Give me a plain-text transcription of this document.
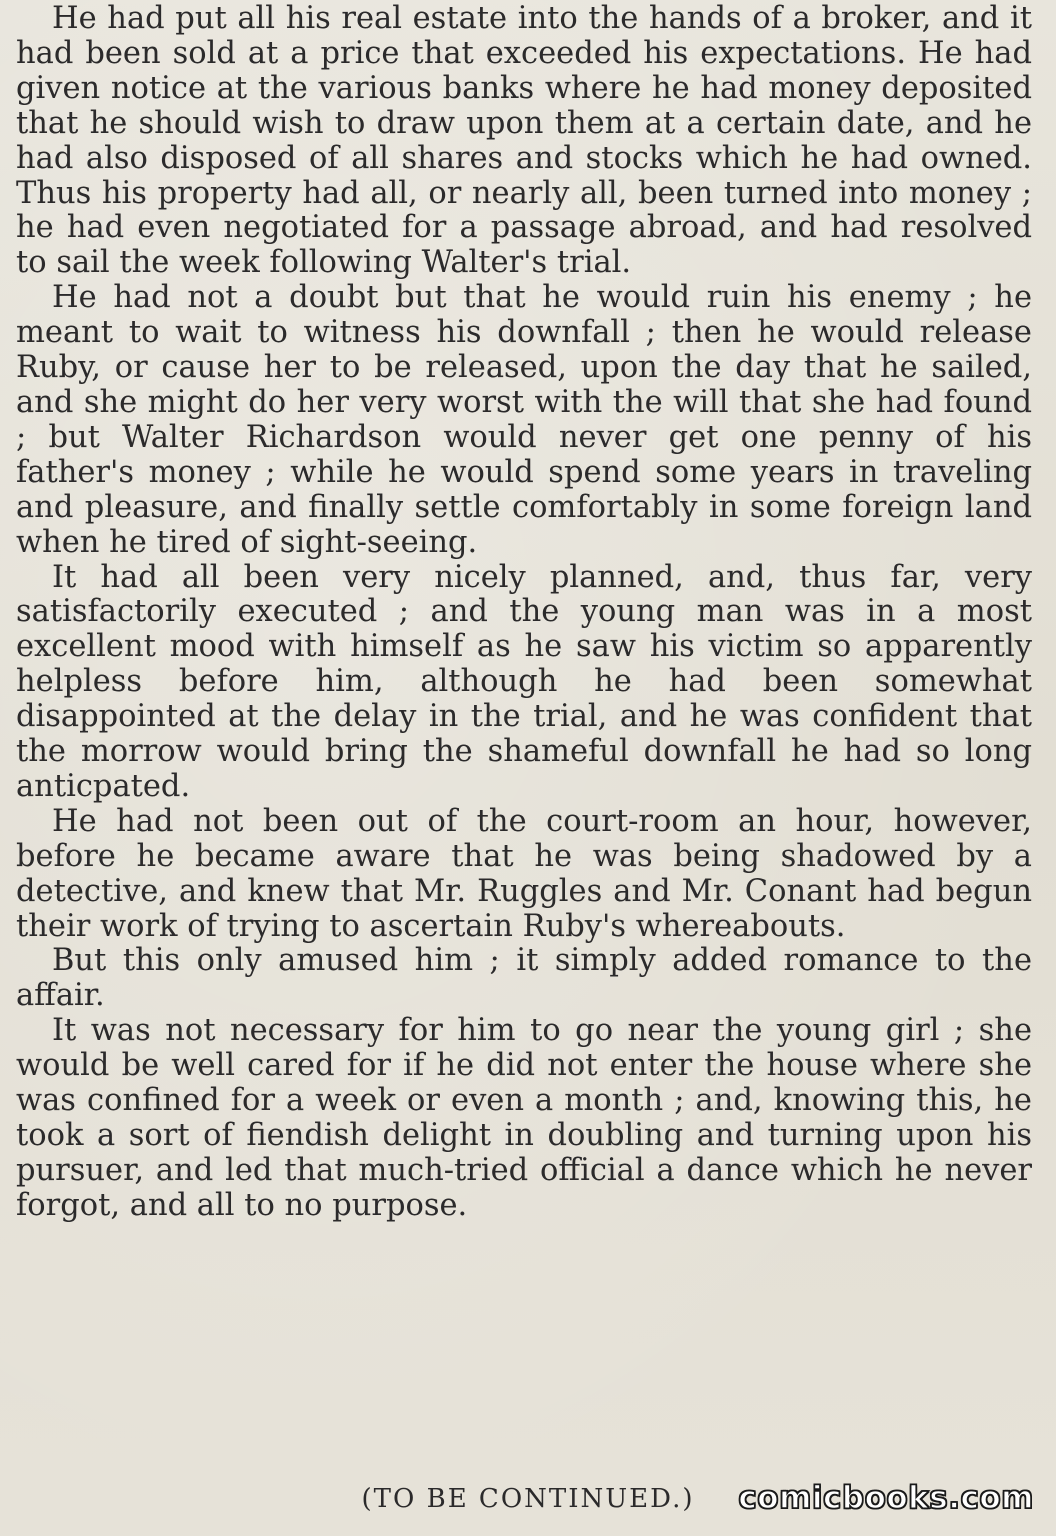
He had put all his real estate into the hands of a broker, and it had been sold at a price that exceeded his expectations. He had given notice at the various banks where he had money deposited that he should wish to draw upon them at a certain date, and he had also disposed of all shares and stocks which he had owned. Thus his property had all, or nearly all, been turned into money ; he had even negotiated for a passage abroad, and had resolved to sail the week following Walter's trial.

He had not a doubt but that he would ruin his enemy ; he meant to wait to witness his downfall ; then he would release Ruby, or cause her to be released, upon the day that he sailed, and she might do her very worst with the will that she had found ; but Walter Richardson would never get one penny of his father's money ; while he would spend some years in traveling and pleasure, and finally settle comfortably in some foreign land when he tired of sight-seeing.

It had all been very nicely planned, and, thus far, very satisfactorily executed ; and the young man was in a most excellent mood with himself as he saw his victim so apparently helpless before him, although he had been somewhat disappointed at the delay in the trial, and he was confident that the morrow would bring the shameful downfall he had so long anticpated.

He had not been out of the court-room an hour, however, before he became aware that he was being shadowed by a detective, and knew that Mr. Ruggles and Mr. Conant had begun their work of trying to ascertain Ruby's whereabouts.

But this only amused him ; it simply added romance to the affair.

It was not necessary for him to go near the young girl ; she would be well cared for if he did not enter the house where she was confined for a week or even a month ; and, knowing this, he took a sort of fiendish delight in doubling and turning upon his pursuer, and led that much-tried official a dance which he never forgot, and all to no purpose.

(TO BE CONTINUED.)	comicbooks.com
